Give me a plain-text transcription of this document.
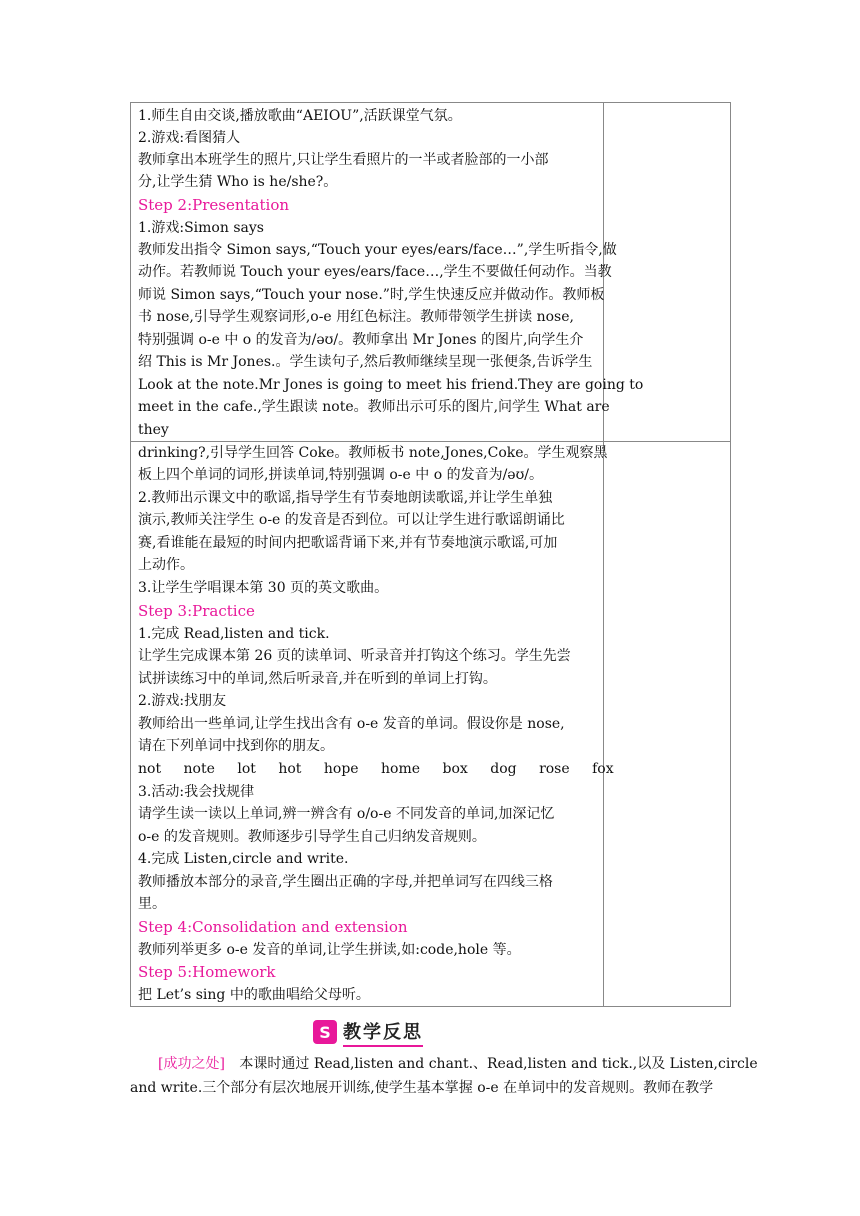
1.师生自由交谈,播放歌曲“AEIOU”,活跃课堂气氛。
2.游戏:看图猜人
教师拿出本班学生的照片,只让学生看照片的一半或者脸部的一小部
分,让学生猜 Who is he/she?。
Step 2:Presentation
1.游戏:Simon says
教师发出指令 Simon says,“Touch your eyes/ears/face…”,学生听指令,做
动作。若教师说 Touch your eyes/ears/face…,学生不要做任何动作。当教
师说 Simon says,“Touch your nose.”时,学生快速反应并做动作。教师板
书 nose,引导学生观察词形,o-e 用红色标注。教师带领学生拼读 nose,
特别强调 o-e 中 o 的发音为/əʊ/。教师拿出 Mr Jones 的图片,向学生介
绍 This is Mr Jones.。学生读句子,然后教师继续呈现一张便条,告诉学生
Look at the note.Mr Jones is going to meet his friend.They are going to
meet in the cafe.,学生跟读 note。教师出示可乐的图片,问学生 What are
they
drinking?,引导学生回答 Coke。教师板书 note,Jones,Coke。学生观察黑
板上四个单词的词形,拼读单词,特别强调 o-e 中 o 的发音为/əʊ/。
2.教师出示课文中的歌谣,指导学生有节奏地朗读歌谣,并让学生单独
演示,教师关注学生 o-e 的发音是否到位。可以让学生进行歌谣朗诵比
赛,看谁能在最短的时间内把歌谣背诵下来,并有节奏地演示歌谣,可加
上动作。
3.让学生学唱课本第 30 页的英文歌曲。
Step 3:Practice
1.完成 Read,listen and tick.
让学生完成课本第 26 页的读单词、听录音并打钩这个练习。学生先尝
试拼读练习中的单词,然后听录音,并在听到的单词上打钩。
2.游戏:找朋友
教师给出一些单词,让学生找出含有 o-e 发音的单词。假设你是 nose,
请在下列单词中找到你的朋友。
not note lot hot hope home box dog rose fox
3.活动:我会找规律
请学生读一读以上单词,辨一辨含有 o/o-e 不同发音的单词,加深记忆
o-e 的发音规则。教师逐步引导学生自己归纳发音规则。
4.完成 Listen,circle and write.
教师播放本部分的录音,学生圈出正确的字母,并把单词写在四线三格
里。
Step 4:Consolidation and extension
教师列举更多 o-e 发音的单词,让学生拼读,如:code,hole 等。
Step 5:Homework
把 Let’s sing 中的歌曲唱给父母听。
S 教学反思
[成功之处] 本课时通过 Read,listen and chant.、Read,listen and tick.,以及 Listen,circle
and write.三个部分有层次地展开训练,使学生基本掌握 o-e 在单词中的发音规则。教师在教学
